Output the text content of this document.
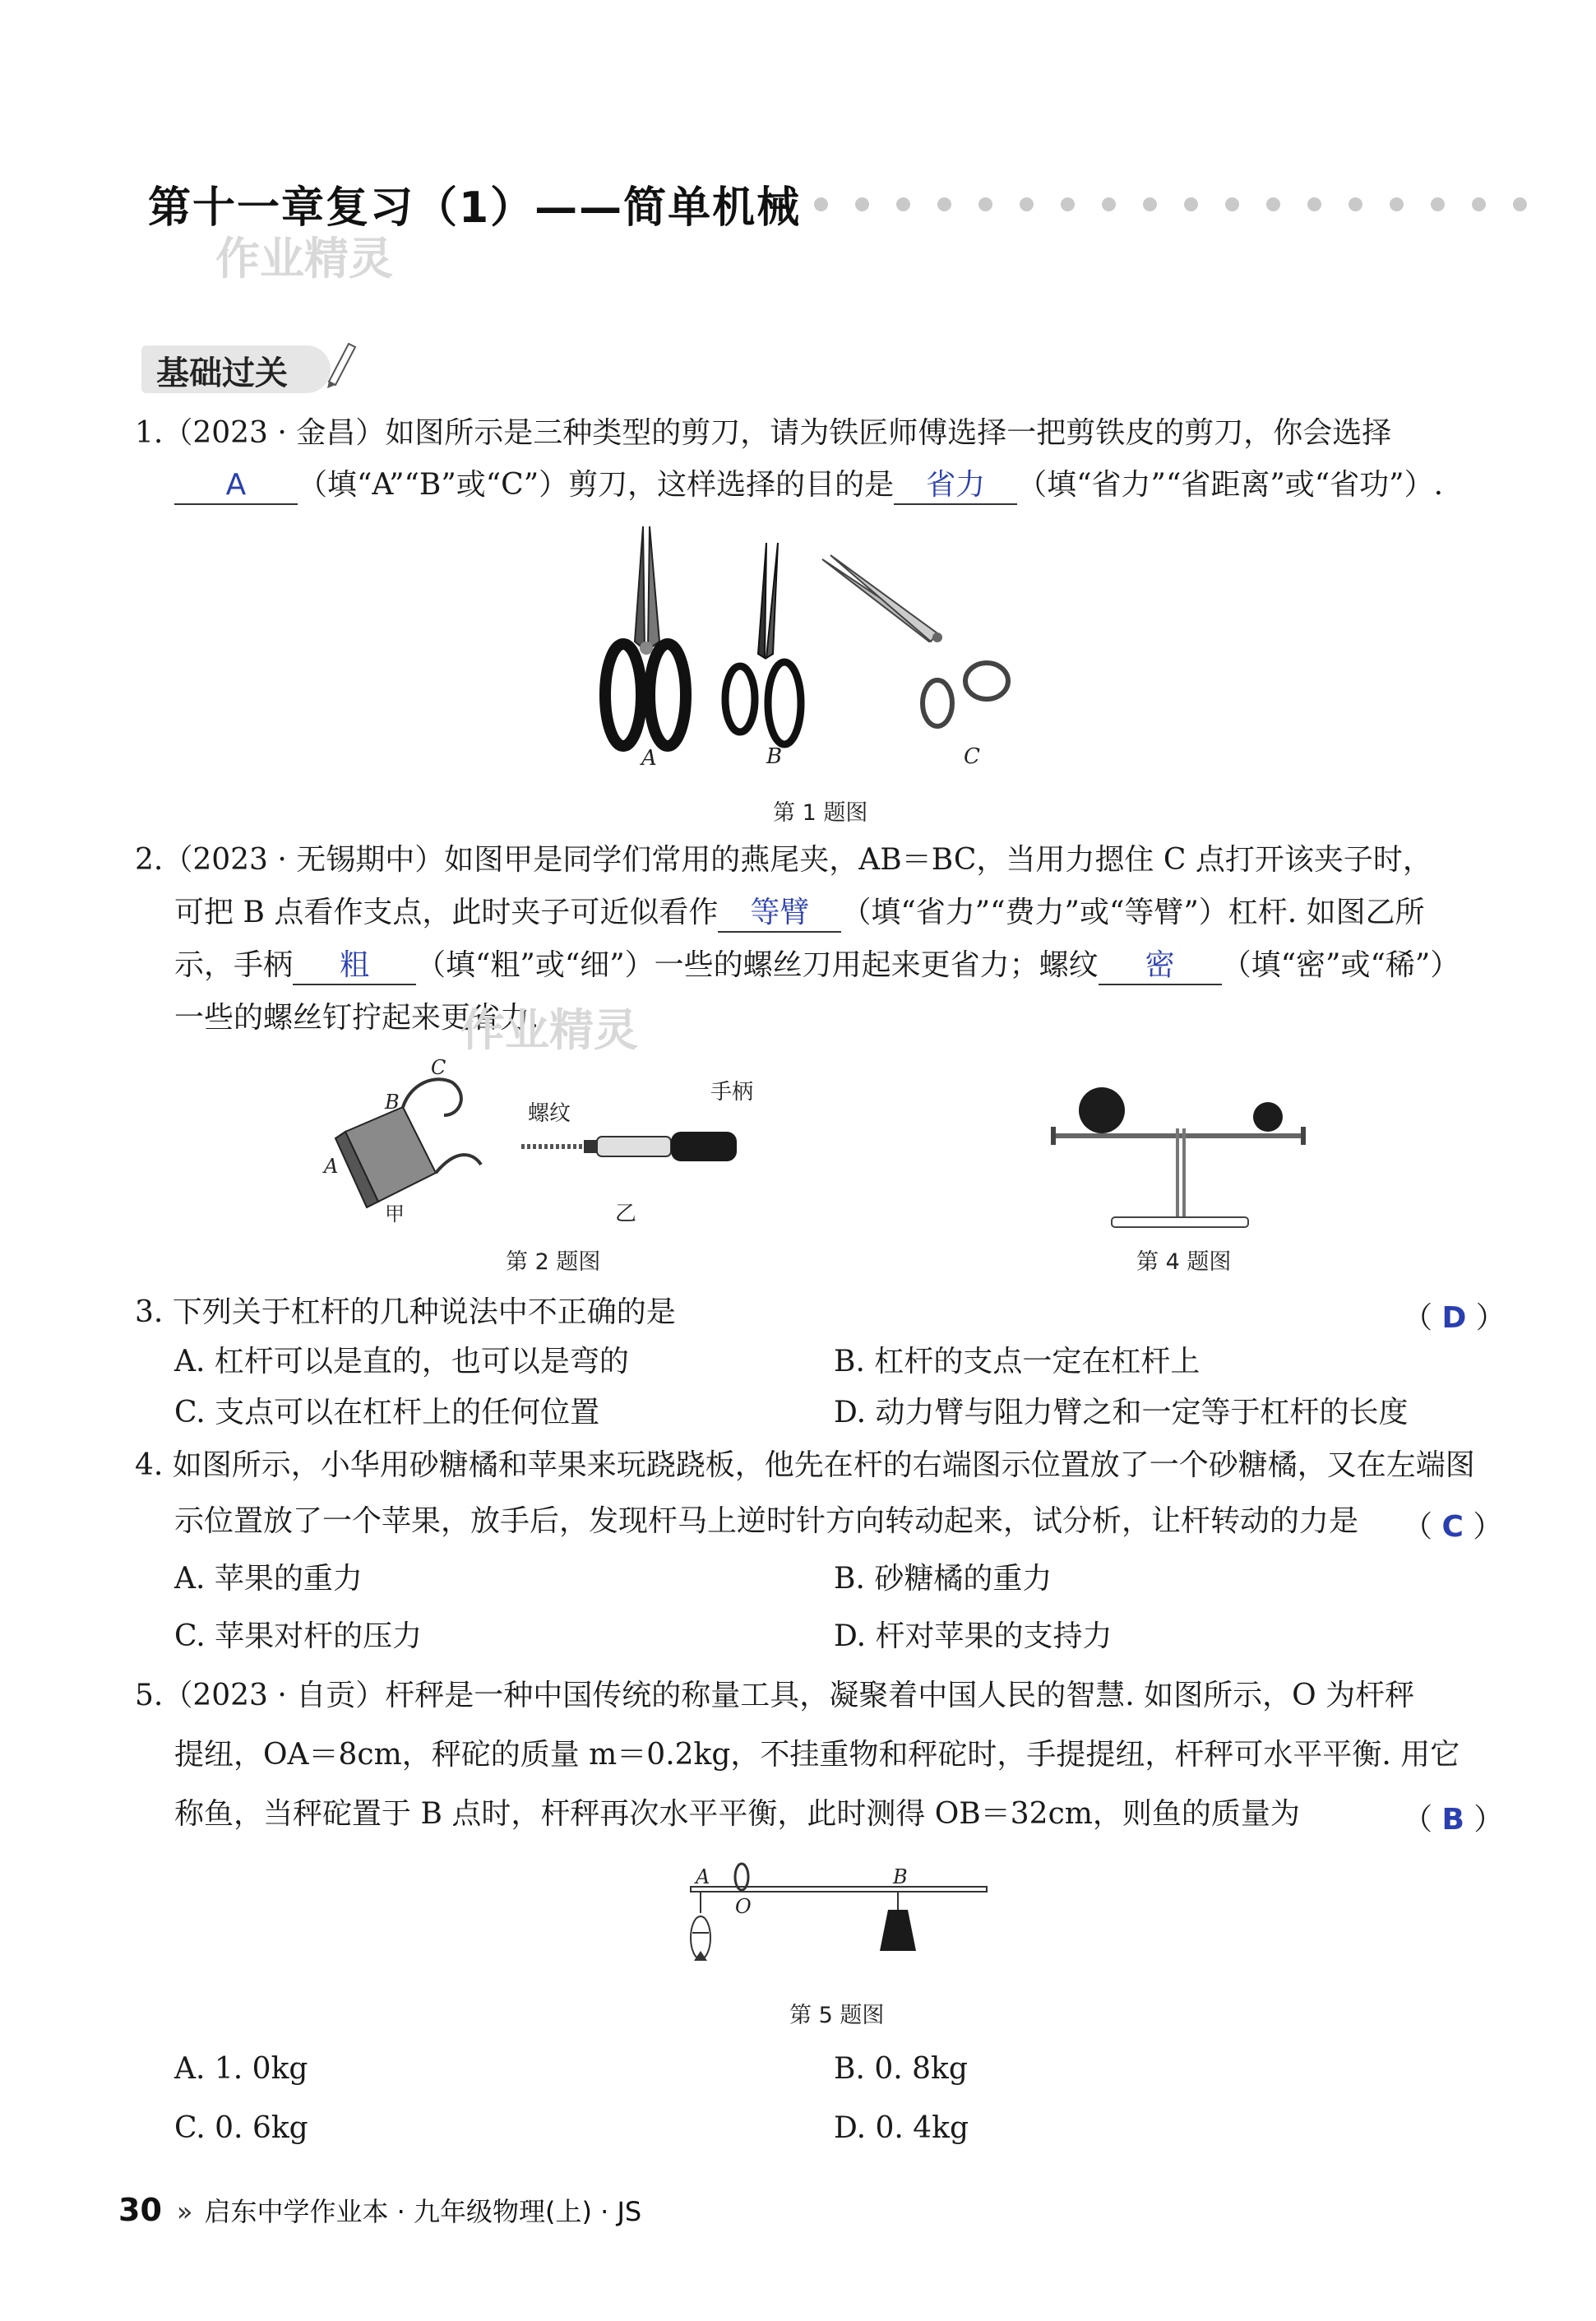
第十一章复习（1）——简单机械
作业精灵
基础过关
1.（2023 · 金昌）如图所示是三种类型的剪刀，请为铁匠师傅选择一把剪铁皮的剪刀，你会选择
A （填“A”“B”或“C”）剪刀，这样选择的目的是 省力 （填“省力”“省距离”或“省功”）.
A	B	C
第 1 题图
2.（2023 · 无锡期中）如图甲是同学们常用的燕尾夹，AB＝BC，当用力摁住 C 点打开该夹子时，
可把 B 点看作支点，此时夹子可近似看作 等臂 （填“省力”“费力”或“等臂”）杠杆. 如图乙所
示，手柄 粗 （填“粗”或“细”）一些的螺丝刀用起来更省力；螺纹 密 （填“密”或“稀”）
一些的螺丝钉拧起来更省力.
作业精灵
C
B
A
甲
螺纹
手柄
乙
第 2 题图	第 4 题图
3. 下列关于杠杆的几种说法中不正确的是	（ D ）
A. 杠杆可以是直的，也可以是弯的	B. 杠杆的支点一定在杠杆上
C. 支点可以在杠杆上的任何位置	D. 动力臂与阻力臂之和一定等于杠杆的长度
4. 如图所示，小华用砂糖橘和苹果来玩跷跷板，他先在杆的右端图示位置放了一个砂糖橘，又在左端图
示位置放了一个苹果，放手后，发现杆马上逆时针方向转动起来，试分析，让杆转动的力是 （ C ）
A. 苹果的重力	B. 砂糖橘的重力
C. 苹果对杆的压力	D. 杆对苹果的支持力
5.（2023 · 自贡）杆秤是一种中国传统的称量工具，凝聚着中国人民的智慧. 如图所示，O 为杆秤
提纽，OA＝8cm，秤砣的质量 m＝0.2kg，不挂重物和秤砣时，手提提纽，杆秤可水平平衡. 用它
称鱼，当秤砣置于 B 点时，杆秤再次水平平衡，此时测得 OB＝32cm，则鱼的质量为	（ B ）
A
O
B
第 5 题图
A. 1. 0kg	B. 0. 8kg
C. 0. 6kg	D. 0. 4kg
30 » 启东中学作业本 · 九年级物理(上) · JS
